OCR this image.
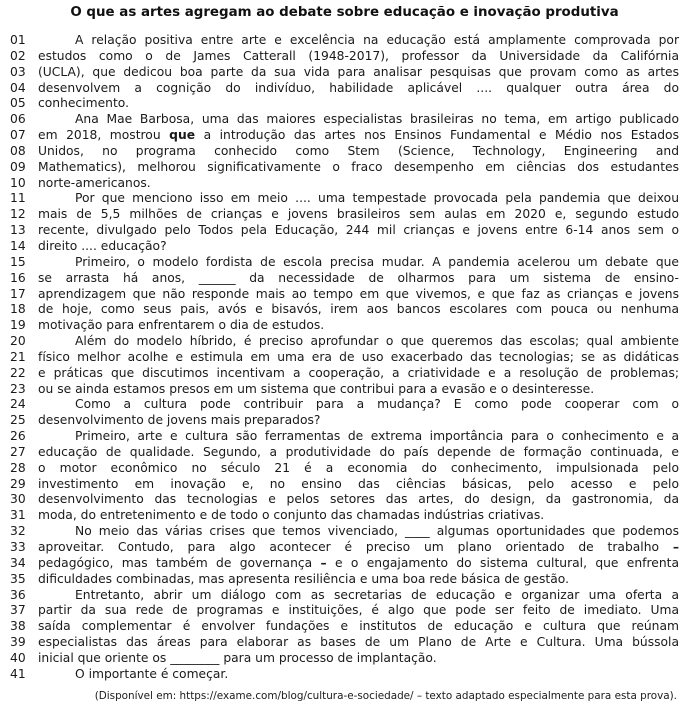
O que as artes agregam ao debate sobre educação e inovação produtiva
01	A relação positiva entre arte e excelência na educação está amplamente comprovada por
02	estudos como o de James Catterall (1948-2017), professor da Universidade da Califórnia
03	(UCLA), que dedicou boa parte da sua vida para analisar pesquisas que provam como as artes
04	desenvolvem a cognição do indivíduo, habilidade aplicável .... qualquer outra área do
05	conhecimento.
06	Ana Mae Barbosa, uma das maiores especialistas brasileiras no tema, em artigo publicado
07	em 2018, mostrou que a introdução das artes nos Ensinos Fundamental e Médio nos Estados
08	Unidos, no programa conhecido como Stem (Science, Technology, Engineering and
09	Mathematics), melhorou significativamente o fraco desempenho em ciências dos estudantes
10	norte-americanos.
11	Por que menciono isso em meio .... uma tempestade provocada pela pandemia que deixou
12	mais de 5,5 milhões de crianças e jovens brasileiros sem aulas em 2020 e, segundo estudo
13	recente, divulgado pelo Todos pela Educação, 244 mil crianças e jovens entre 6-14 anos sem o
14	direito .... educação?
15	Primeiro, o modelo fordista de escola precisa mudar. A pandemia acelerou um debate que
16	se arrasta há anos, ______ da necessidade de olharmos para um sistema de ensino-
17	aprendizagem que não responde mais ao tempo em que vivemos, e que faz as crianças e jovens
18	de hoje, como seus pais, avós e bisavós, irem aos bancos escolares com pouca ou nenhuma
19	motivação para enfrentarem o dia de estudos.
20	Além do modelo híbrido, é preciso aprofundar o que queremos das escolas; qual ambiente
21	físico melhor acolhe e estimula em uma era de uso exacerbado das tecnologias; se as didáticas
22	e práticas que discutimos incentivam a cooperação, a criatividade e a resolução de problemas;
23	ou se ainda estamos presos em um sistema que contribui para a evasão e o desinteresse.
24	Como a cultura pode contribuir para a mudança? E como pode cooperar com o
25	desenvolvimento de jovens mais preparados?
26	Primeiro, arte e cultura são ferramentas de extrema importância para o conhecimento e a
27	educação de qualidade. Segundo, a produtividade do país depende de formação continuada, e
28	o motor econômico no século 21 é a economia do conhecimento, impulsionada pelo
29	investimento em inovação e, no ensino das ciências básicas, pelo acesso e pelo
30	desenvolvimento das tecnologias e pelos setores das artes, do design, da gastronomia, da
31	moda, do entretenimento e de todo o conjunto das chamadas indústrias criativas.
32	No meio das várias crises que temos vivenciado, ____ algumas oportunidades que podemos
33	aproveitar. Contudo, para algo acontecer é preciso um plano orientado de trabalho –
34	pedagógico, mas também de governança – e o engajamento do sistema cultural, que enfrenta
35	dificuldades combinadas, mas apresenta resiliência e uma boa rede básica de gestão.
36	Entretanto, abrir um diálogo com as secretarias de educação e organizar uma oferta a
37	partir da sua rede de programas e instituições, é algo que pode ser feito de imediato. Uma
38	saída complementar é envolver fundações e institutos de educação e cultura que reúnam
39	especialistas das áreas para elaborar as bases de um Plano de Arte e Cultura. Uma bússola
40	inicial que oriente os ________ para um processo de implantação.
41	O importante é começar.
(Disponível em: https://exame.com/blog/cultura-e-sociedade/ – texto adaptado especialmente para esta prova).
